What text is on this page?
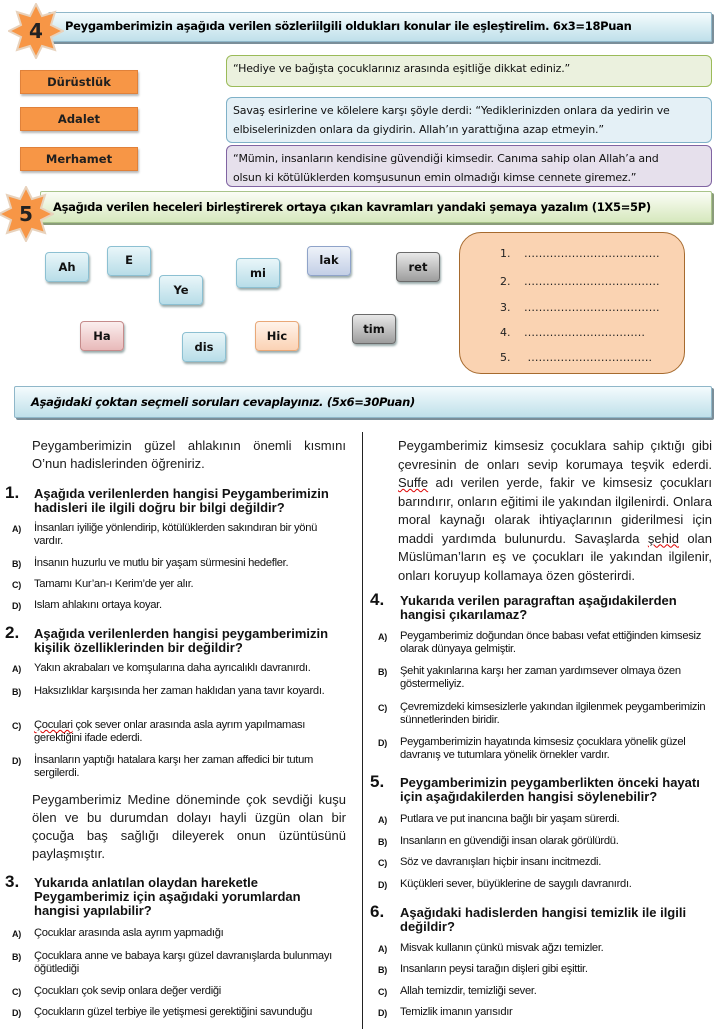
Peygamberimizin aşağıda verilen sözleriilgili oldukları konular ile eşleştirelim. 6x3=18Puan
4
Dürüstlük
Adalet
Merhamet
“Hediye ve bağışta çocuklarınız arasında eşitliğe dikkat ediniz.”
Savaş esirlerine ve kölelere karşı şöyle derdi: “Yediklerinizden onlara da yedirin ve
elbiselerinizden onlara da giydirin. Allah’ın yarattığına azap etmeyin.”
“Mümin, insanların kendisine güvendiği kimsedir. Canıma sahip olan Allah’a and
olsun ki kötülüklerden komşusunun emin olmadığı kimse cennete giremez.”
Aşağıda verilen heceleri birleştirerek ortaya çıkan kavramları yandaki şemaya yazalım (1X5=5P)
5
Ah	E
Ye
mi
lak	ret
Ha
dis
Hic	tim
1. ……………………………….
2. ……………………………….
3. ……………………………….
4. ……………………………
5. …………………………….
Aşağıdaki çoktan seçmeli soruları cevaplayınız. (5x6=30Puan)
Peygamberimizin güzel ahlakının önemli kısmını O’nun hadislerinden öğreniriz.
1. Aşağıda verilenlerden hangisi Peygamberimizin hadisleri ile ilgili doğru bir bilgi değildir?
A) İnsanları iyiliğe yönlendirip, kötülüklerden sakındıran bir yönü vardır.
B) İnsanın huzurlu ve mutlu bir yaşam sürmesini hedefler.
C) Tamamı Kur’an-ı Kerim’de yer alır.
D) Islam ahlakını ortaya koyar.
2. Aşağıda verilenlerden hangisi peygamberimizin kişilik özelliklerinden bir değildir?
A) Yakın akrabaları ve komşularına daha ayrıcalıklı davranırdı.
B) Haksızlıklar karşısında her zaman haklıdan yana tavır koyardı.
C) Çoculari çok sever onlar arasında asla ayrım yapılmaması gerektiğini ifade ederdi.
D) İnsanların yaptığı hatalara karşı her zaman affedici bir tutum sergilerdi.
Peygamberimiz Medine döneminde çok sevdiği kuşu ölen ve bu durumdan dolayı hayli üzgün olan bir çocuğa baş sağlığı dileyerek onun üzüntüsünü paylaşmıştır.
3. Yukarıda anlatılan olaydan hareketle Peygamberimiz için aşağıdaki yorumlardan hangisi yapılabilir?
A) Çocuklar arasında asla ayrım yapmadığı
B) Çocuklara anne ve babaya karşı güzel davranışlarda bulunmayı öğütlediği
C) Çocukları çok sevip onlara değer verdiği
D) Çocukların güzel terbiye ile yetişmesi gerektiğini savunduğu
Peygamberimiz kimsesiz çocuklara sahip çıktığı gibi çevresinin de onları sevip korumaya teşvik ederdi. Suffe adı verilen yerde, fakir ve kimsesiz çocukları barındırır, onların eğitimi ile yakından ilgilenirdi. Onlara moral kaynağı olarak ihtiyaçlarının giderilmesi için maddi yardımda bulunurdu. Savaşlarda şehid olan Müslüman’ların eş ve çocukları ile yakından ilgilenir, onları koruyup kollamaya özen gösterirdi.
4. Yukarıda verilen paragraftan aşağıdakilerden hangisi çıkarılamaz?
A) Peygamberimiz doğundan önce babası vefat ettiğinden kimsesiz olarak dünyaya gelmiştir.
B) Şehit yakınlarına karşı her zaman yardımsever olmaya özen göstermeliyiz.
C) Çevremizdeki kimsesizlerle yakından ilgilenmek peygamberimizin sünnetlerinden biridir.
D) Peygamberimizin hayatında kimsesiz çocuklara yönelik güzel davranış ve tutumlara yönelik örnekler vardır.
5. Peygamberimizin peygamberlikten önceki hayatı için aşağıdakilerden hangisi söylenebilir?
A) Putlara ve put inancına bağlı bir yaşam sürerdi.
B) Insanların en güvendiği insan olarak görülürdü.
C) Söz ve davranışları hiçbir insanı incitmezdi.
D) Küçükleri sever, büyüklerine de saygılı davranırdı.
6. Aşağıdaki hadislerden hangisi temizlik ile ilgili değildir?
A) Misvak kullanın çünkü misvak ağzı temizler.
B) Insanların peysi tarağın dişleri gibi eşittir.
C) Allah temizdir, temizliği sever.
D) Temizlik imanın yarısıdır
